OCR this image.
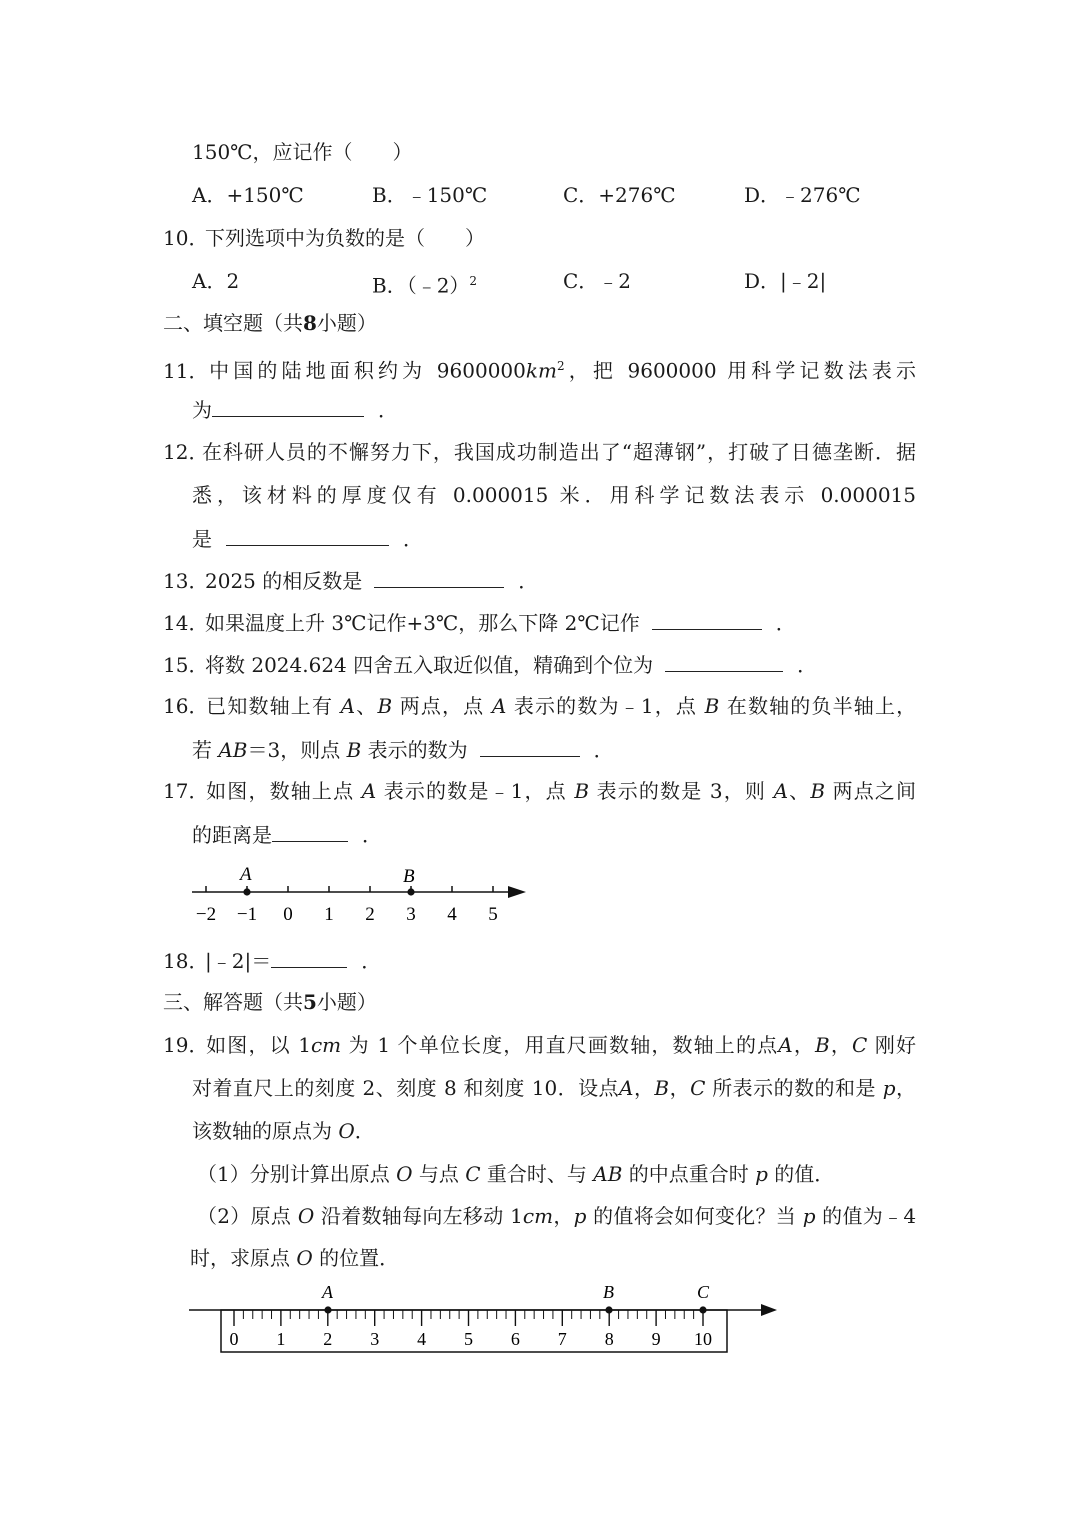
150℃，应记作（　　）
A．+150℃	B．﹣150℃	C．+276℃	D．﹣276℃
10．下列选项中为负数的是（　　）
A．2	B．（﹣2）$^2$	C．﹣2	D．|﹣2|
二、填空题（共8小题）
11．中国的陆地面积约为 $9600000km^2$，把 9600000 用科学记数法表示
为	．
12．在科研人员的不懈努力下，我国成功制造出了“超薄钢”，打破了日德垄断．据
悉，该材料的厚度仅有 0.000015 米．用科学记数法表示 0.000015
是	．
13．2025 的相反数是	．
14．如果温度上升 3℃记作+3℃，那么下降 2℃记作	．
15．将数 2024.624 四舍五入取近似值，精确到个位为	．
16．已知数轴上有 A、B 两点，点 A 表示的数为﹣1，点 B 在数轴的负半轴上，
若 AB＝3，则点 B 表示的数为	．
17．如图，数轴上点 A 表示的数是﹣1，点 B 表示的数是 3，则 A、B 两点之间
的距离是	．
−2 −1 0 1 2 3 4 5
A	B
18．|﹣2|＝	．
三、解答题（共5小题）
19．如图，以 1cm 为 1 个单位长度，用直尺画数轴，数轴上的点A，B，C 刚好
对着直尺上的刻度 2、刻度 8 和刻度 10．设点A，B，C 所表示的数的和是 p，
该数轴的原点为 O．
（1）分别计算出原点 O 与点 C 重合时、与 AB 的中点重合时 p 的值．
（2）原点 O 沿着数轴每向左移动 1cm，p 的值将会如何变化？当 p 的值为﹣4
时，求原点 O 的位置．
0 1 2 3 4 5 6 7 8 9 10
A	B	C
